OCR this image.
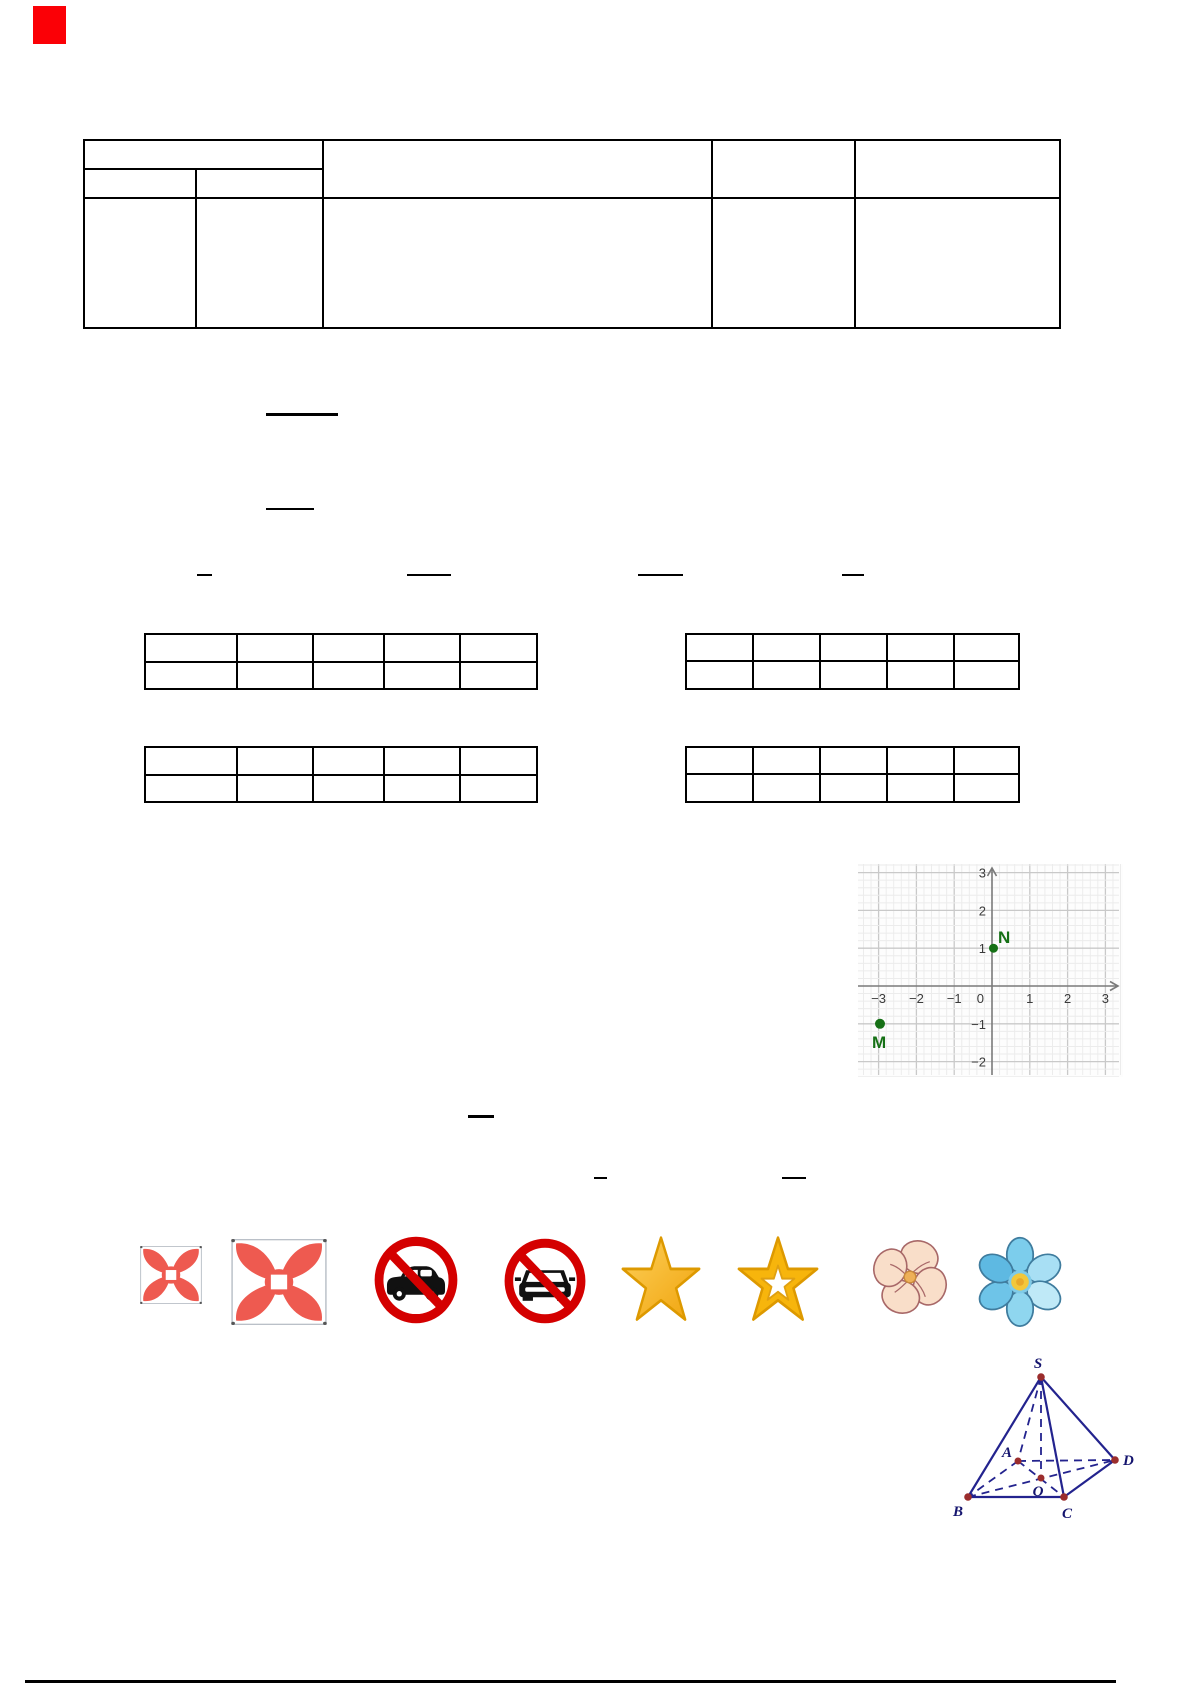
−3 −2 −1 0	1 2 3
3
2
1
−1
−2
N
M
S
A
B	C
D
O
